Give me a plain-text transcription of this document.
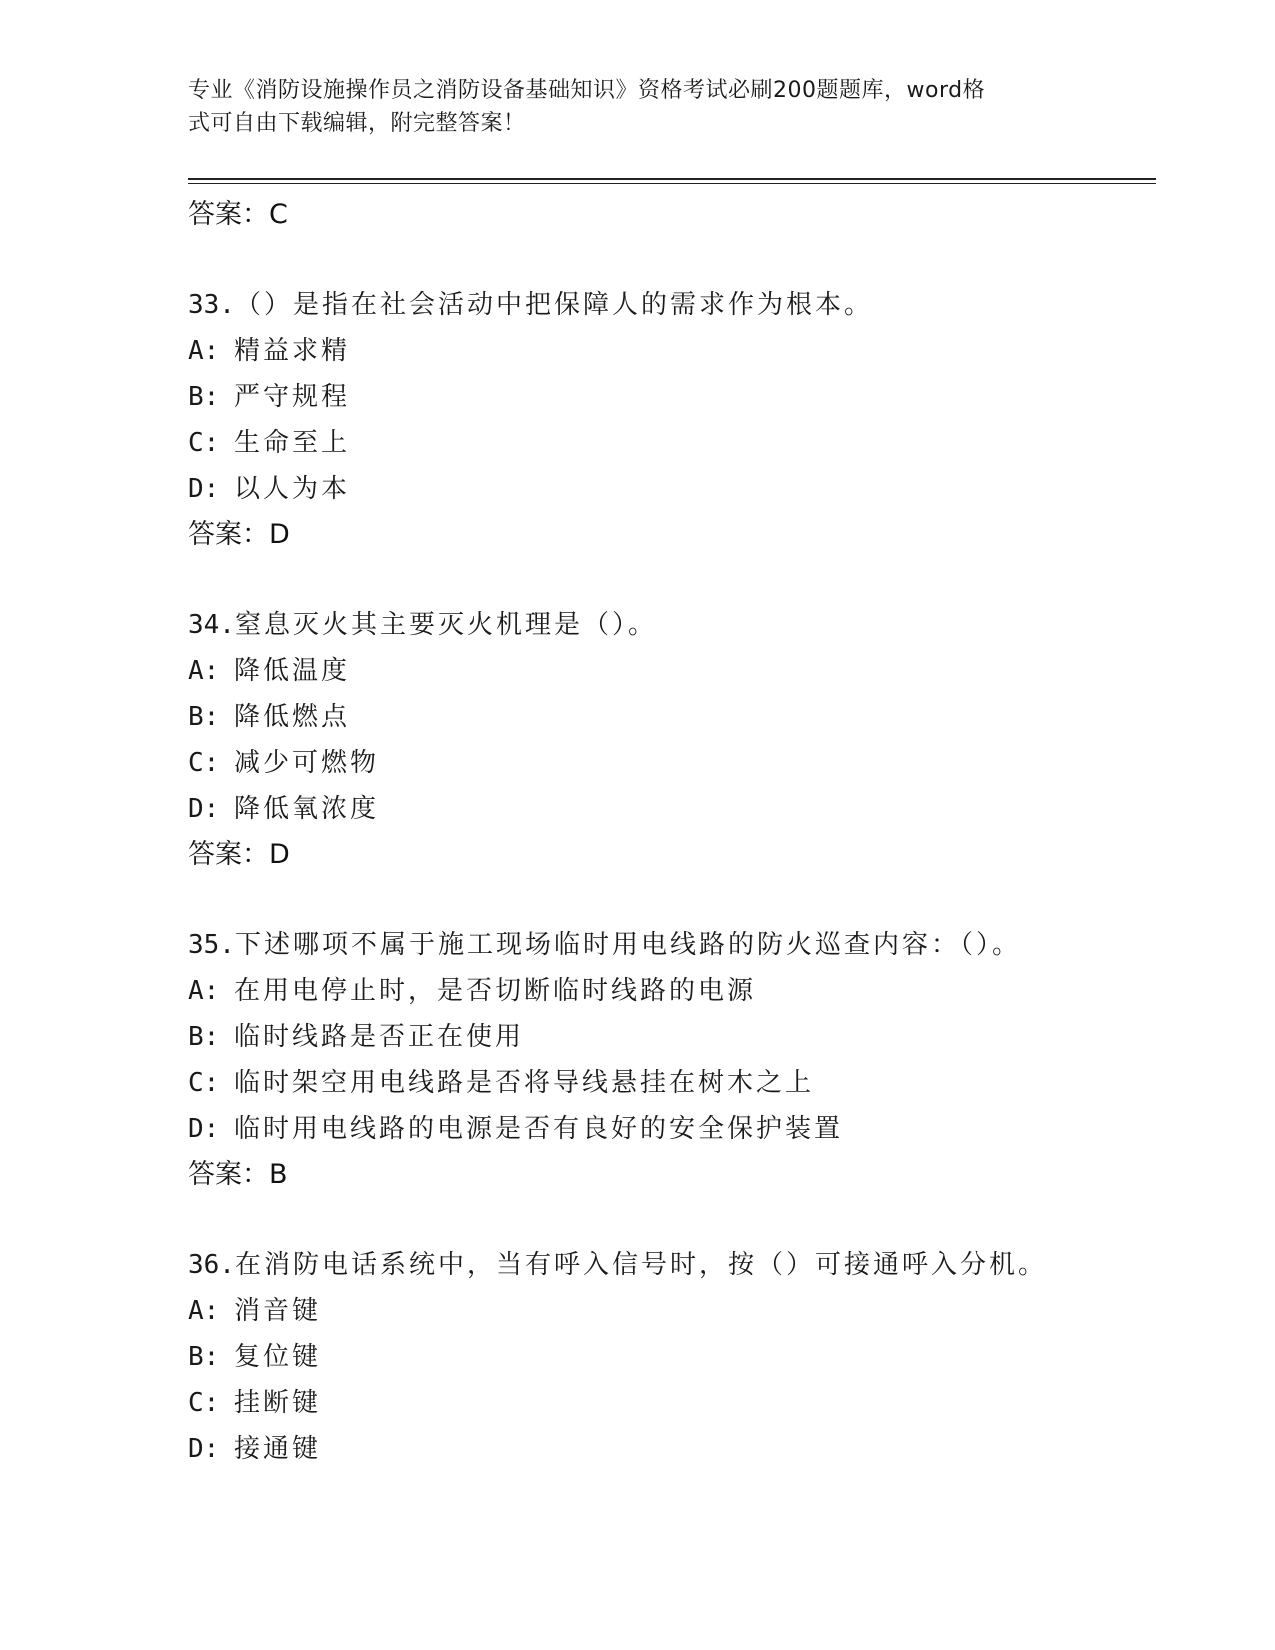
专业《消防设施操作员之消防设备基础知识》资格考试必刷200题题库，word格
式可自由下载编辑，附完整答案！
答案：C
33.（）是指在社会活动中把保障人的需求作为根本。
A: 精益求精
B: 严守规程
C: 生命至上
D: 以人为本
答案：D
34.窒息灭火其主要灭火机理是（）。
A: 降低温度
B: 降低燃点
C: 减少可燃物
D: 降低氧浓度
答案：D
35.下述哪项不属于施工现场临时用电线路的防火巡查内容：（）。
A: 在用电停止时，是否切断临时线路的电源
B: 临时线路是否正在使用
C: 临时架空用电线路是否将导线悬挂在树木之上
D: 临时用电线路的电源是否有良好的安全保护装置
答案：B
36.在消防电话系统中，当有呼入信号时，按（）可接通呼入分机。
A: 消音键
B: 复位键
C: 挂断键
D: 接通键
